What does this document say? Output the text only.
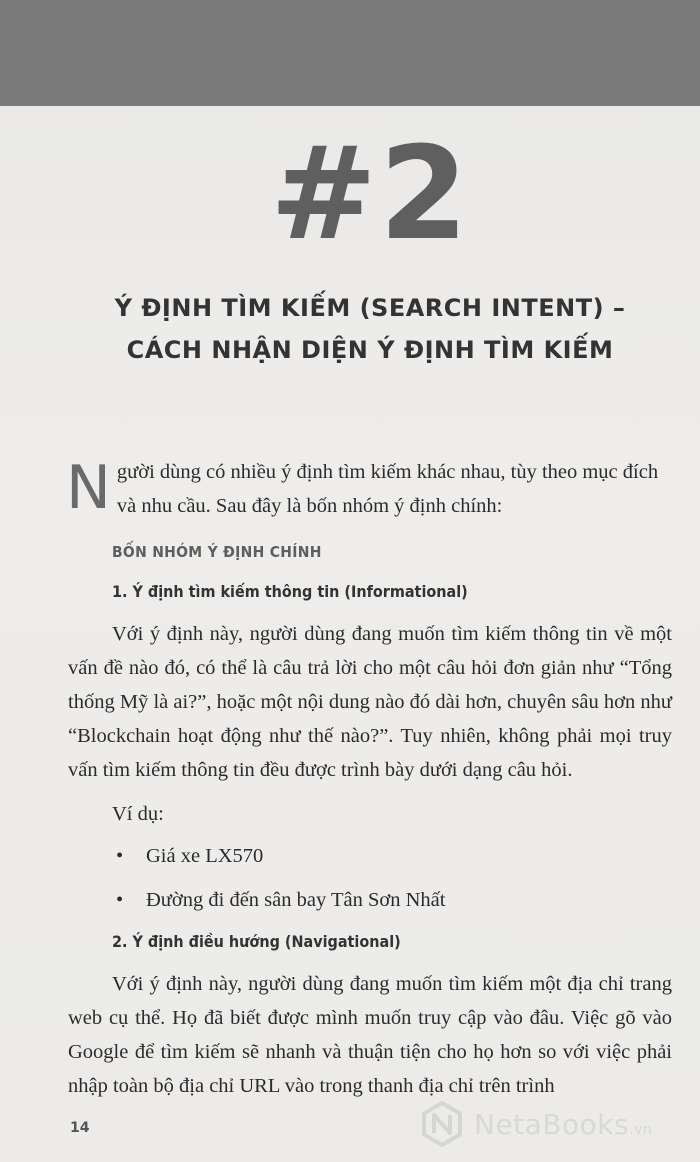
#2
Ý ĐỊNH TÌM KIẾM (SEARCH INTENT) –
CÁCH NHẬN DIỆN Ý ĐỊNH TÌM KIẾM

Người dùng có nhiều ý định tìm kiếm khác nhau, tùy theo mục đích và nhu cầu. Sau đây là bốn nhóm ý định chính:

BỐN NHÓM Ý ĐỊNH CHÍNH
1. Ý định tìm kiếm thông tin (Informational)

Với ý định này, người dùng đang muốn tìm kiếm thông tin về một vấn đề nào đó, có thể là câu trả lời cho một câu hỏi đơn giản như “Tổng thống Mỹ là ai?”, hoặc một nội dung nào đó dài hơn, chuyên sâu hơn như “Blockchain hoạt động như thế nào?”. Tuy nhiên, không phải mọi truy vấn tìm kiếm thông tin đều được trình bày dưới dạng câu hỏi.

Ví dụ:
• Giá xe LX570
• Đường đi đến sân bay Tân Sơn Nhất
2. Ý định điều hướng (Navigational)

Với ý định này, người dùng đang muốn tìm kiếm một địa chỉ trang web cụ thể. Họ đã biết được mình muốn truy cập vào đâu. Việc gõ vào Google để tìm kiếm sẽ nhanh và thuận tiện cho họ hơn so với việc phải nhập toàn bộ địa chỉ URL vào trong thanh địa chỉ trên trình

14	NetaBooks.vn
